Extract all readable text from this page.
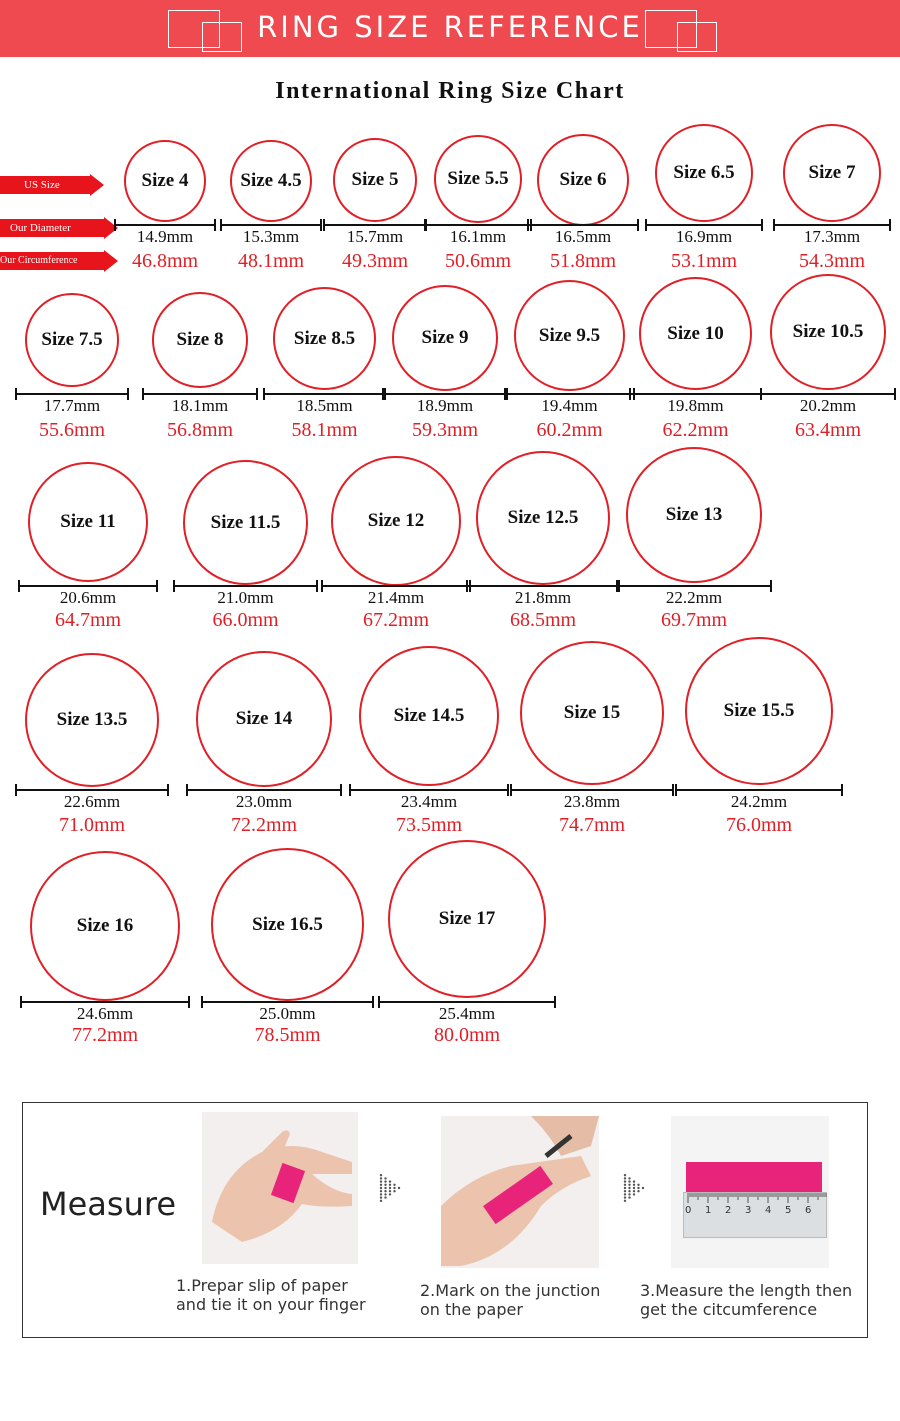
RING SIZE REFERENCE
International Ring Size Chart
US Size
Our Diameter
Our Circumference
Size 4
14.9mm
46.8mm
Size 4.5
15.3mm
48.1mm
Size 5
15.7mm
49.3mm
Size 5.5
16.1mm
50.6mm
Size 6
16.5mm
51.8mm
Size 6.5
16.9mm
53.1mm
Size 7
17.3mm
54.3mm
Size 7.5
17.7mm
55.6mm
Size 8
18.1mm
56.8mm
Size 8.5
18.5mm
58.1mm
Size 9
18.9mm
59.3mm
Size 9.5
19.4mm
60.2mm
Size 10
19.8mm
62.2mm
Size 10.5
20.2mm
63.4mm
Size 11
20.6mm
64.7mm
Size 11.5
21.0mm
66.0mm
Size 12
21.4mm
67.2mm
Size 12.5
21.8mm
68.5mm
Size 13
22.2mm
69.7mm
Size 13.5
22.6mm
71.0mm
Size 14
23.0mm
72.2mm
Size 14.5
23.4mm
73.5mm
Size 15
23.8mm
74.7mm
Size 15.5
24.2mm
76.0mm
Size 16
24.6mm
77.2mm
Size 16.5
25.0mm
78.5mm
Size 17
25.4mm
80.0mm
Measure	0 1 2 3 4 5 6
1.Prepar slip of paper
and tie it on your finger
2.Mark on the junction
on the paper
3.Measure the length then
get the citcumference
